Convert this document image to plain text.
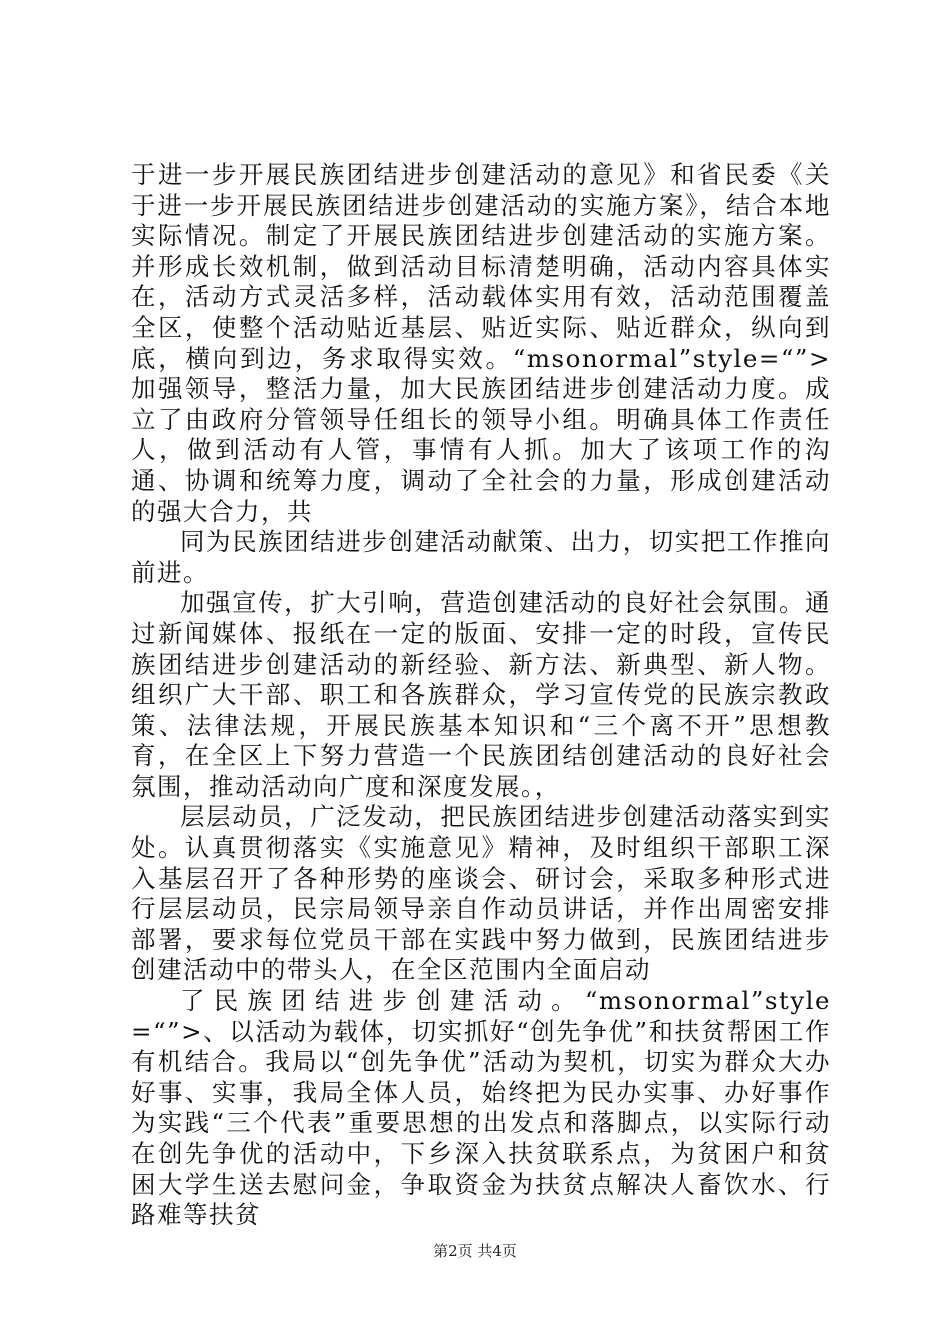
于进一步开展民族团结进步创建活动的意见》和省民委《关于进一步开展民族团结进步创建活动的实施方案》，结合本地实际情况。制定了开展民族团结进步创建活动的实施方案。并形成长效机制，做到活动目标清楚明确，活动内容具体实在，活动方式灵活多样，活动载体实用有效，活动范围覆盖全区，使整个活动贴近基层、贴近实际、贴近群众，纵向到底，横向到边，务求取得实效。“msonormal”style=“”>加强领导，整活力量，加大民族团结进步创建活动力度。成立了由政府分管领导任组长的领导小组。明确具体工作责任人，做到活动有人管，事情有人抓。加大了该项工作的沟通、协调和统筹力度，调动了全社会的力量，形成创建活动的强大合力，共

同为民族团结进步创建活动献策、出力，切实把工作推向前进。

加强宣传，扩大引响，营造创建活动的良好社会氛围。通过新闻媒体、报纸在一定的版面、安排一定的时段，宣传民族团结进步创建活动的新经验、新方法、新典型、新人物。组织广大干部、职工和各族群众，学习宣传党的民族宗教政策、法律法规，开展民族基本知识和“三个离不开”思想教育，在全区上下努力营造一个民族团结创建活动的良好社会氛围，推动活动向广度和深度发展。，

层层动员，广泛发动，把民族团结进步创建活动落实到实处。认真贯彻落实《实施意见》精神，及时组织干部职工深入基层召开了各种形势的座谈会、研讨会，采取多种形式进行层层动员，民宗局领导亲自作动员讲话，并作出周密安排部署，要求每位党员干部在实践中努力做到，民族团结进步创建活动中的带头人，在全区范围内全面启动

了民族团结进步创建活动。“msonormal”style=“”>、以活动为载体，切实抓好“创先争优”和扶贫帮困工作有机结合。我局以“创先争优”活动为契机，切实为群众大办好事、实事，我局全体人员，始终把为民办实事、办好事作为实践“三个代表”重要思想的出发点和落脚点，以实际行动在创先争优的活动中，下乡深入扶贫联系点，为贫困户和贫困大学生送去慰问金，争取资金为扶贫点解决人畜饮水、行路难等扶贫

第2页 共4页
